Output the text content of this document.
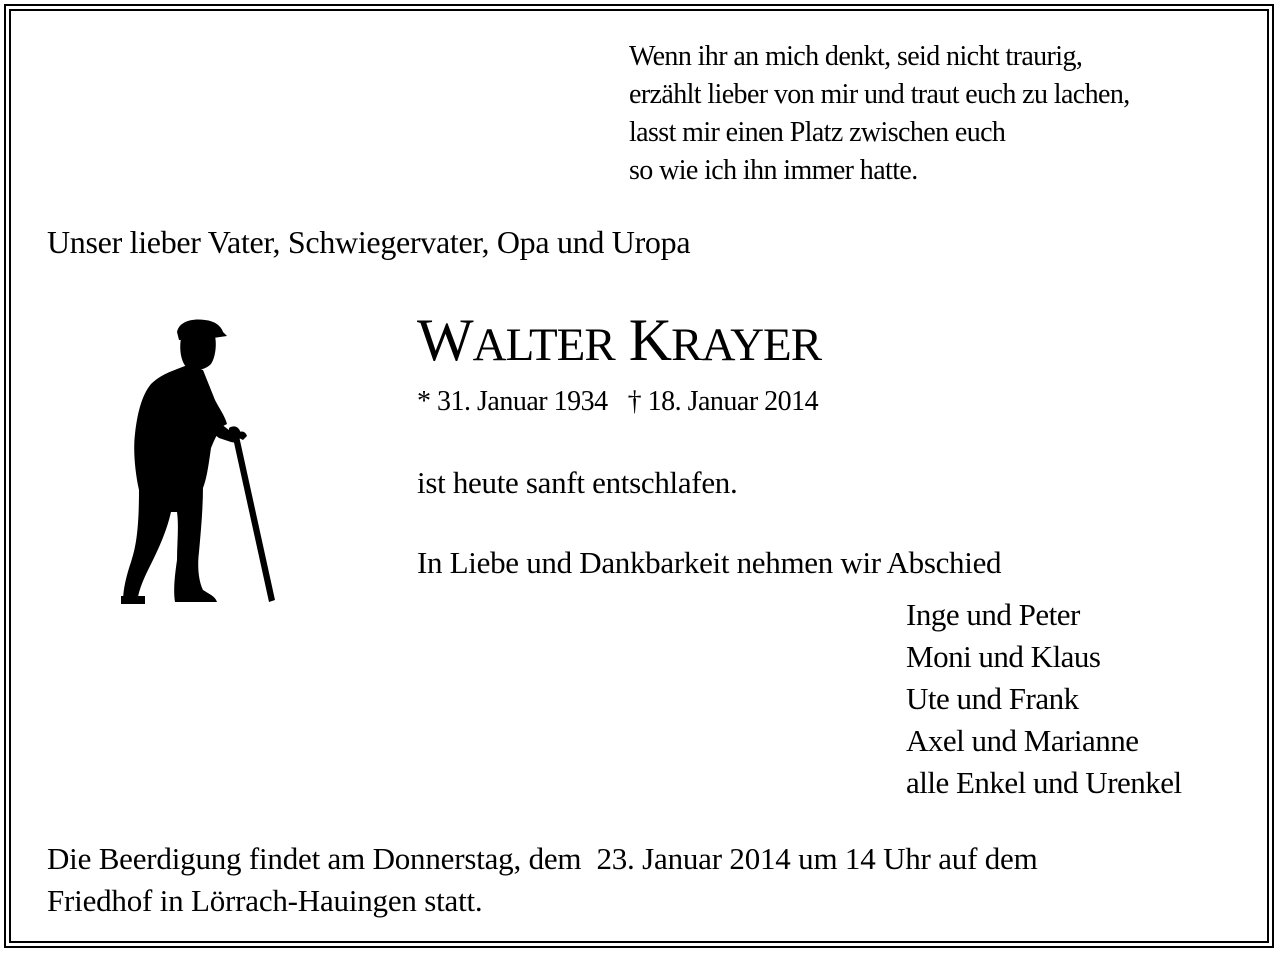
Wenn ihr an mich denkt, seid nicht traurig,
erzählt lieber von mir und traut euch zu lachen,
lasst mir einen Platz zwischen euch
so wie ich ihn immer hatte.
Unser lieber Vater, Schwiegervater, Opa und Uropa
WALTER KRAYER
* 31. Januar 1934 † 18. Januar 2014
ist heute sanft entschlafen.
In Liebe und Dankbarkeit nehmen wir Abschied
Inge und Peter
Moni und Klaus
Ute und Frank
Axel und Marianne
alle Enkel und Urenkel
Die Beerdigung findet am Donnerstag, dem  23. Januar 2014 um 14 Uhr auf dem
Friedhof in Lörrach-Hauingen statt.
